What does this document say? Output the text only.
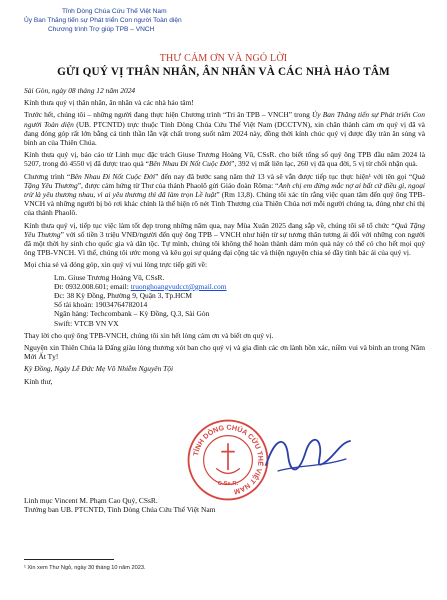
Tỉnh Dòng Chúa Cứu Thế Việt Nam
Ủy Ban Thăng tiến sự Phát triển Con người Toàn diện
Chương trình Trợ giúp TPB – VNCH
THƯ CẢM ƠN VÀ NGỎ LỜI
GỬI QUÝ VỊ THÂN NHÂN, ÂN NHÂN VÀ CÁC NHÀ HẢO TÂM

Sài Gòn, ngày 08 tháng 12 năm 2024

Kính thưa quý vị thân nhân, ân nhân và các nhà hảo tâm!

Trước hết, chúng tôi – những người đang thực hiện Chương trình “Tri ân TPB – VNCH” trong Ủy Ban Thăng tiến sự Phát triển Con người Toàn diện (UB. PTCNTD) trực thuộc Tỉnh Dòng Chúa Cứu Thế Việt Nam (DCCTVN), xin chân thành cảm ơn quý vị đã và đang đóng góp rất lớn bằng cả tinh thần lẫn vật chất trong suốt năm 2024 này, đồng thời kính chúc quý vị được đầy tràn ân sủng và bình an của Thiên Chúa.

Kính thưa quý vị, báo cáo từ Linh mục đặc trách Giuse Trương Hoàng Vũ, CSsR. cho biết tổng số quý ông TPB đầu năm 2024 là 5207, trong đó 4550 vị đã được trao quà “Bên Nhau Đi Nốt Cuộc Đời”, 392 vị mất liên lạc, 260 vị đã qua đời, 5 vị từ chối nhận quà.

Chương trình “Bên Nhau Đi Nốt Cuộc Đời” đến nay đã bước sang năm thứ 13 và sẽ vẫn được tiếp tục thực hiện¹ với tên gọi “Quà Tặng Yêu Thương”, được cảm hứng từ Thư của thánh Phaolô gửi Giáo đoàn Rôma: “Anh chị em đừng mắc nợ ai bất cứ điều gì, ngoại trừ là yêu thương nhau, vì ai yêu thương thì đã làm trọn Lề luật” (Rm 13,8). Chúng tôi xác tín rằng việc quan tâm đến quý ông TPB-VNCH và những người bị bỏ rơi khác chính là thể hiện rõ nét Tỉnh Thương của Thiên Chúa nơi mỗi người chúng ta, đúng như chỉ thị của thánh Phaolô.

Kính thưa quý vị, tiếp tục việc làm tốt đẹp trong những năm qua, nay Mùa Xuân 2025 đang sắp về, chúng tôi sẽ tổ chức “Quà Tặng Yêu Thương” với số tiền 3 triệu VNĐ/người đến quý ông TPB – VNCH như hiện từ sự tương thân tương ái đối với những con người đã một thời hy sinh cho quốc gia và dân tộc. Tự mình, chúng tôi không thể hoàn thành dám món quà này có thể có cho hết mọi quý ông TPB-VNCH. Vì thế, chúng tôi ước mong và kêu gọi sự quảng đại cộng tác và thiện nguyện chia sẻ đầy tình bác ái của quý vị.

Mọi chia sẻ và đóng góp, xin quý vị vui lòng trực tiếp gửi về:

Lm. Giuse Trương Hoàng Vũ, CSsR.
Đt: 0932.008.601; email: truonghoangvudcct@gmail.com
Đc: 38 Kỳ Đồng, Phường 9, Quận 3, Tp.HCM
Số tài khoản: 19034764782014
Ngân hàng: Techcombank – Kỳ Đồng, Q.3, Sài Gòn
Swift: VTCB VN VX

Thay lời cho quý ông TPB-VNCH, chúng tôi xin hết lòng cảm ơn và biết ơn quý vị.

Nguyện xin Thiên Chúa là Đấng giàu lòng thương xót ban cho quý vị và gia đình các ơn lành hồn xác, niềm vui và bình an trong Năm Mới Ất Tỵ!

Kỳ Đồng, Ngày Lễ Đức Mẹ Vô Nhiễm Nguyên Tội

Kính thư,

TỈNH DÒNG CHÚA CỨU THẾ VIỆT NAM
C.Ss.R.
Linh mục Vincent M. Phạm Cao Quý, CSsR.
Trưởng ban UB. PTCNTD, Tỉnh Dòng Chúa Cứu Thế Việt Nam
¹ Xin xem Thư Ngỏ, ngày 30 tháng 10 năm 2023.
